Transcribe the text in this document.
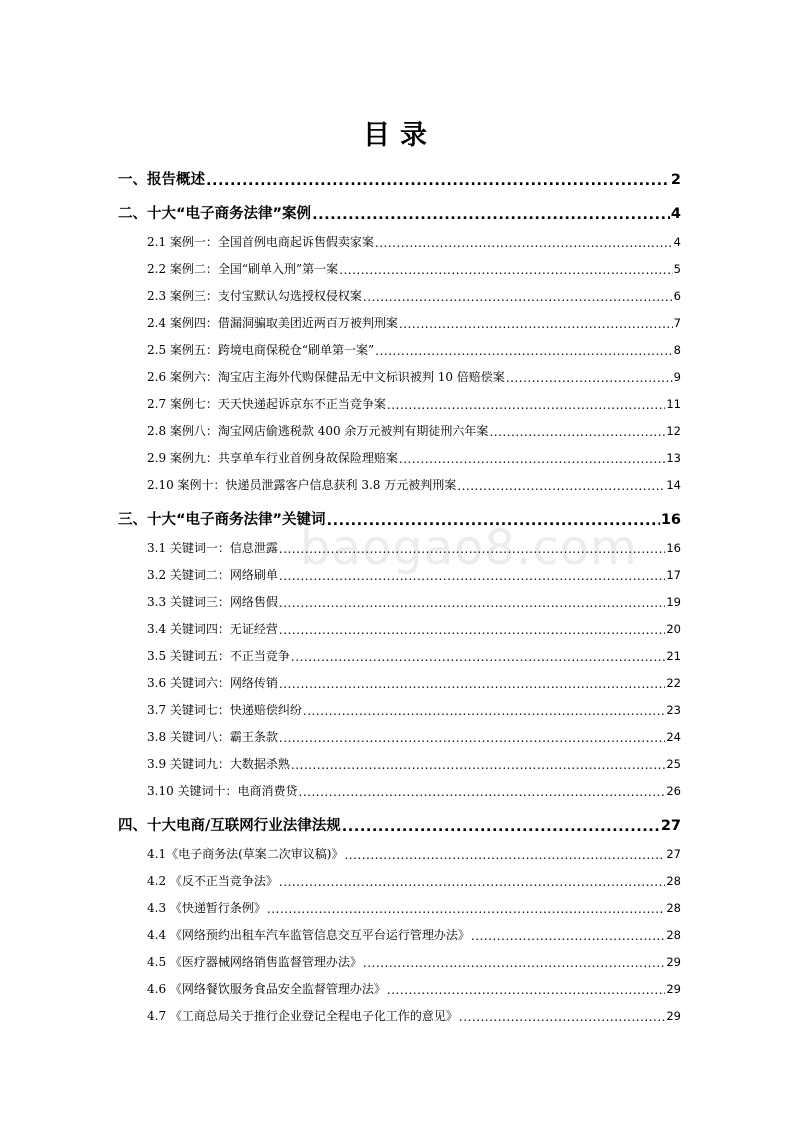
目录
baogao8.com
一、报告概述 .....	2
二、十大“电子商务法律”案例 .....	4
2.1 案例一：全国首例电商起诉售假卖家案 .....	4
2.2 案例二：全国“刷单入刑”第一案 .....	5
2.3 案例三：支付宝默认勾选授权侵权案 .....	6
2.4 案例四：借漏洞骗取美团近两百万被判刑案 .....	7
2.5 案例五：跨境电商保税仓“刷单第一案” .....	8
2.6 案例六：淘宝店主海外代购保健品无中文标识被判 10 倍赔偿案 .....	9
2.7 案例七：天天快递起诉京东不正当竞争案 .....	11
2.8 案例八：淘宝网店偷逃税款 400 余万元被判有期徒刑六年案 .....	12
2.9 案例九：共享单车行业首例身故保险理赔案 .....	13
2.10 案例十：快递员泄露客户信息获利 3.8 万元被判刑案 .....	14
三、十大“电子商务法律”关键词 .....	16
3.1 关键词一：信息泄露 .....	16
3.2 关键词二：网络刷单 .....	17
3.3 关键词三：网络售假 .....	19
3.4 关键词四：无证经营 .....	20
3.5 关键词五：不正当竞争 .....	21
3.6 关键词六：网络传销 .....	22
3.7 关键词七：快递赔偿纠纷 .....	23
3.8 关键词八：霸王条款 .....	24
3.9 关键词九：大数据杀熟 .....	25
3.10 关键词十：电商消费贷 .....	26
四、十大电商/互联网行业法律法规 .....	27
4.1《电子商务法(草案二次审议稿)》 .....	27
4.2 《反不正当竞争法》 .....	28
4.3 《快递暂行条例》 .....	28
4.4 《网络预约出租车汽车监管信息交互平台运行管理办法》 .....	28
4.5 《医疗器械网络销售监督管理办法》 .....	29
4.6 《网络餐饮服务食品安全监督管理办法》 .....	29
4.7 《工商总局关于推行企业登记全程电子化工作的意见》 .....	29
